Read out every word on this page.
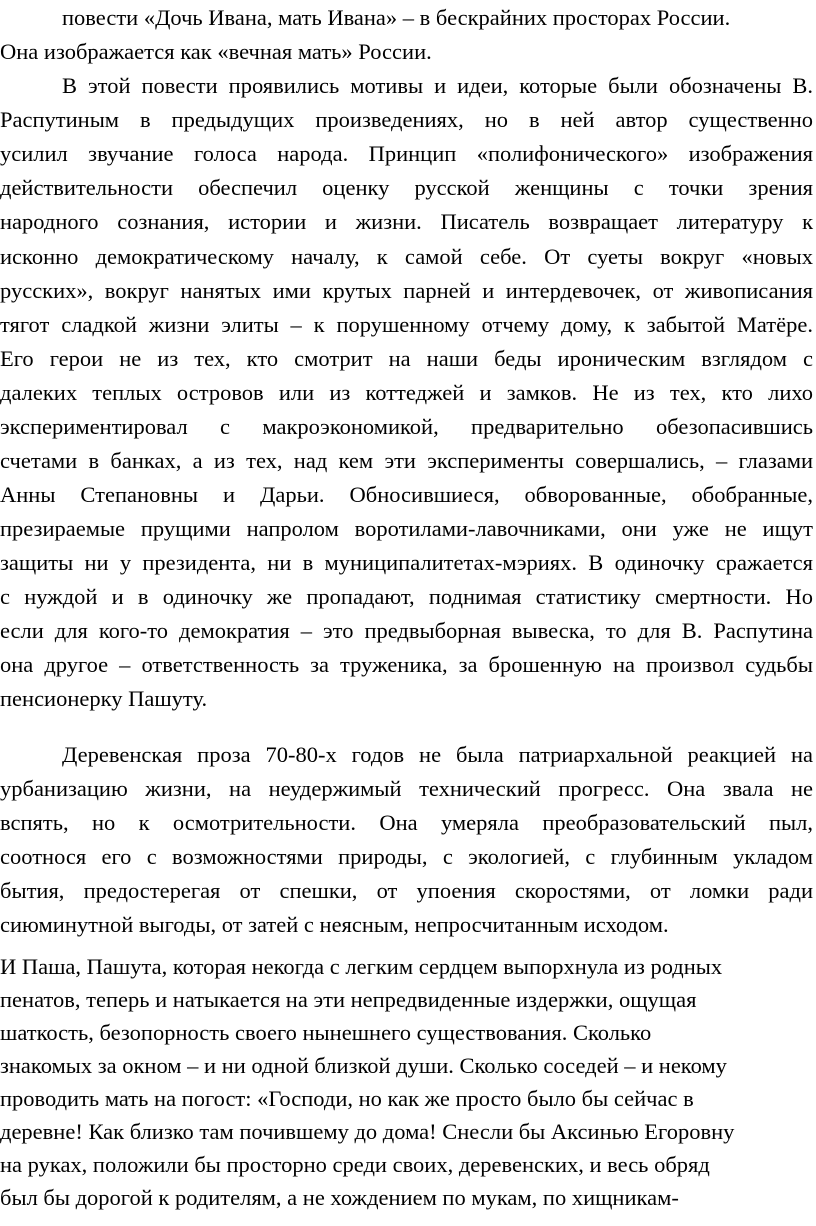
повести «Дочь Ивана, мать Ивана» – в бескрайних просторах России.
Она изображается как «вечная мать» России.
В этой повести проявились мотивы и идеи, которые были обозначены В.
Распутиным в предыдущих произведениях, но в ней автор существенно
усилил звучание голоса народа. Принцип «полифонического» изображения
действительности обеспечил оценку русской женщины с точки зрения
народного сознания, истории и жизни. Писатель возвращает литературу к
исконно демократическому началу, к самой себе. От суеты вокруг «новых
русских», вокруг нанятых ими крутых парней и интердевочек, от живописания
тягот сладкой жизни элиты – к порушенному отчему дому, к забытой Матёре.
Его герои не из тех, кто смотрит на наши беды ироническим взглядом с
далеких теплых островов или из коттеджей и замков. Не из тех, кто лихо
экспериментировал с макроэкономикой, предварительно обезопасившись
счетами в банках, а из тех, над кем эти эксперименты совершались, – глазами
Анны Степановны и Дарьи. Обносившиеся, обворованные, обобранные,
презираемые прущими напролом воротилами-лавочниками, они уже не ищут
защиты ни у президента, ни в муниципалитетах-мэриях. В одиночку сражается
с нуждой и в одиночку же пропадают, поднимая статистику смертности. Но
если для кого-то демократия – это предвыборная вывеска, то для В. Распутина
она другое – ответственность за труженика, за брошенную на произвол судьбы
пенсионерку Пашуту.
Деревенская проза 70-80-х годов не была патриархальной реакцией на
урбанизацию жизни, на неудержимый технический прогресс. Она звала не
вспять, но к осмотрительности. Она умеряла преобразовательский пыл,
соотнося его с возможностями природы, с экологией, с глубинным укладом
бытия, предостерегая от спешки, от упоения скоростями, от ломки ради
сиюминутной выгоды, от затей с неясным, непросчитанным исходом.
И Паша, Пашута, которая некогда с легким сердцем выпорхнула из родных
пенатов, теперь и натыкается на эти непредвиденные издержки, ощущая
шаткость, безопорность своего нынешнего существования. Сколько
знакомых за окном – и ни одной близкой души. Сколько соседей – и некому
проводить мать на погост: «Господи, но как же просто было бы сейчас в
деревне! Как близко там почившему до дома! Снесли бы Аксинью Егоровну
на руках, положили бы просторно среди своих, деревенских, и весь обряд
был бы дорогой к родителям, а не хождением по мукам, по хищникам-
